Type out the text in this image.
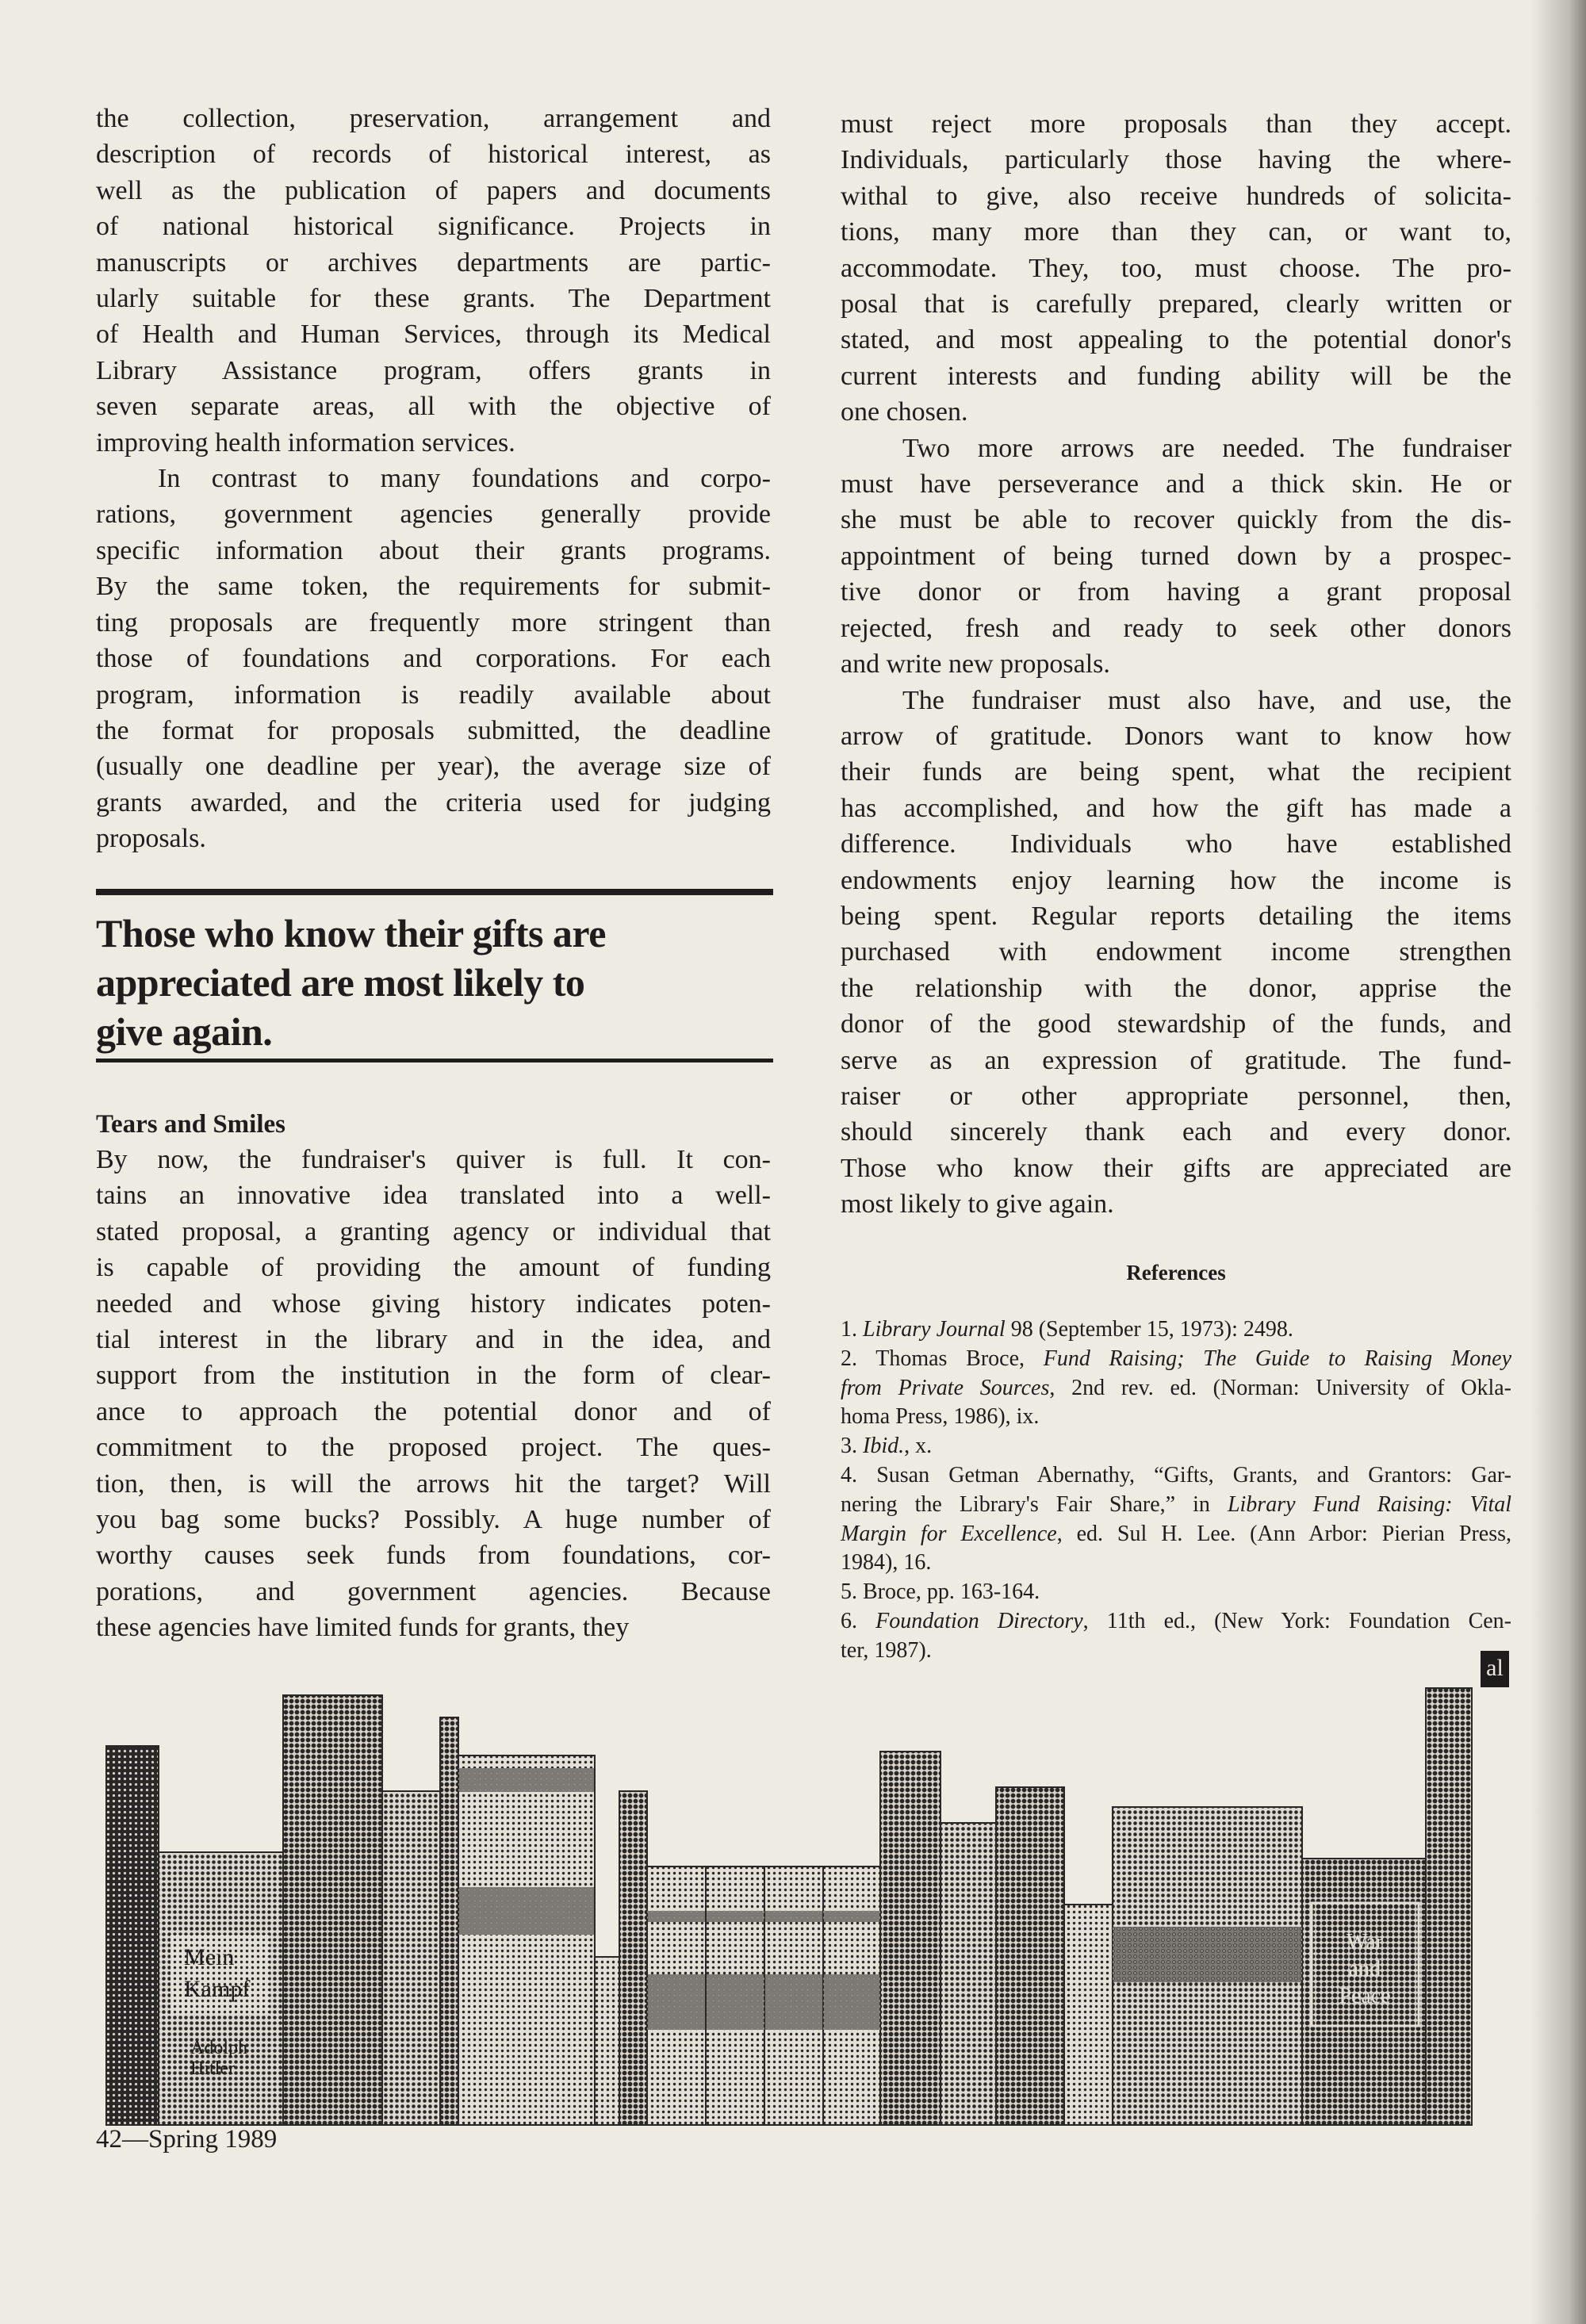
the collection, preservation, arrangement and
description of records of historical interest, as
well as the publication of papers and documents
of national historical significance. Projects in
manuscripts or archives departments are partic-
ularly suitable for these grants. The Department
of Health and Human Services, through its Medical
Library Assistance program, offers grants in
seven separate areas, all with the objective of
improving health information services.
In contrast to many foundations and corpo-
rations, government agencies generally provide
specific information about their grants programs.
By the same token, the requirements for submit-
ting proposals are frequently more stringent than
those of foundations and corporations. For each
program, information is readily available about
the format for proposals submitted, the deadline
(usually one deadline per year), the average size of
grants awarded, and the criteria used for judging
proposals.
Those who know their gifts are
appreciated are most likely to
give again.
Tears and Smiles
By now, the fundraiser's quiver is full. It con-
tains an innovative idea translated into a well-
stated proposal, a granting agency or individual that
is capable of providing the amount of funding
needed and whose giving history indicates poten-
tial interest in the library and in the idea, and
support from the institution in the form of clear-
ance to approach the potential donor and of
commitment to the proposed project. The ques-
tion, then, is will the arrows hit the target? Will
you bag some bucks? Possibly. A huge number of
worthy causes seek funds from foundations, cor-
porations, and government agencies. Because
these agencies have limited funds for grants, they
must reject more proposals than they accept.
Individuals, particularly those having the where-
withal to give, also receive hundreds of solicita-
tions, many more than they can, or want to,
accommodate. They, too, must choose. The pro-
posal that is carefully prepared, clearly written or
stated, and most appealing to the potential donor's
current interests and funding ability will be the
one chosen.
Two more arrows are needed. The fundraiser
must have perseverance and a thick skin. He or
she must be able to recover quickly from the dis-
appointment of being turned down by a prospec-
tive donor or from having a grant proposal
rejected, fresh and ready to seek other donors
and write new proposals.
The fundraiser must also have, and use, the
arrow of gratitude. Donors want to know how
their funds are being spent, what the recipient
has accomplished, and how the gift has made a
difference. Individuals who have established
endowments enjoy learning how the income is
being spent. Regular reports detailing the items
purchased with endowment income strengthen
the relationship with the donor, apprise the
donor of the good stewardship of the funds, and
serve as an expression of gratitude. The fund-
raiser or other appropriate personnel, then,
should sincerely thank each and every donor.
Those who know their gifts are appreciated are
most likely to give again.
References
1. Library Journal 98 (September 15, 1973): 2498.
2. Thomas Broce, Fund Raising; The Guide to Raising Money
from Private Sources, 2nd rev. ed. (Norman: University of Okla-
homa Press, 1986), ix.
3. Ibid., x.
4. Susan Getman Abernathy, “Gifts, Grants, and Grantors: Gar-
nering the Library's Fair Share,” in Library Fund Raising: Vital
Margin for Excellence, ed. Sul H. Lee. (Ann Arbor: Pierian Press,
1984), 16.
5. Broce, pp. 163-164.
6. Foundation Directory, 11th ed., (New York: Foundation Cen-
ter, 1987).
al
Mein
Kampf
Adolph
Hitler
War
and
Peace
42—Spring 1989
